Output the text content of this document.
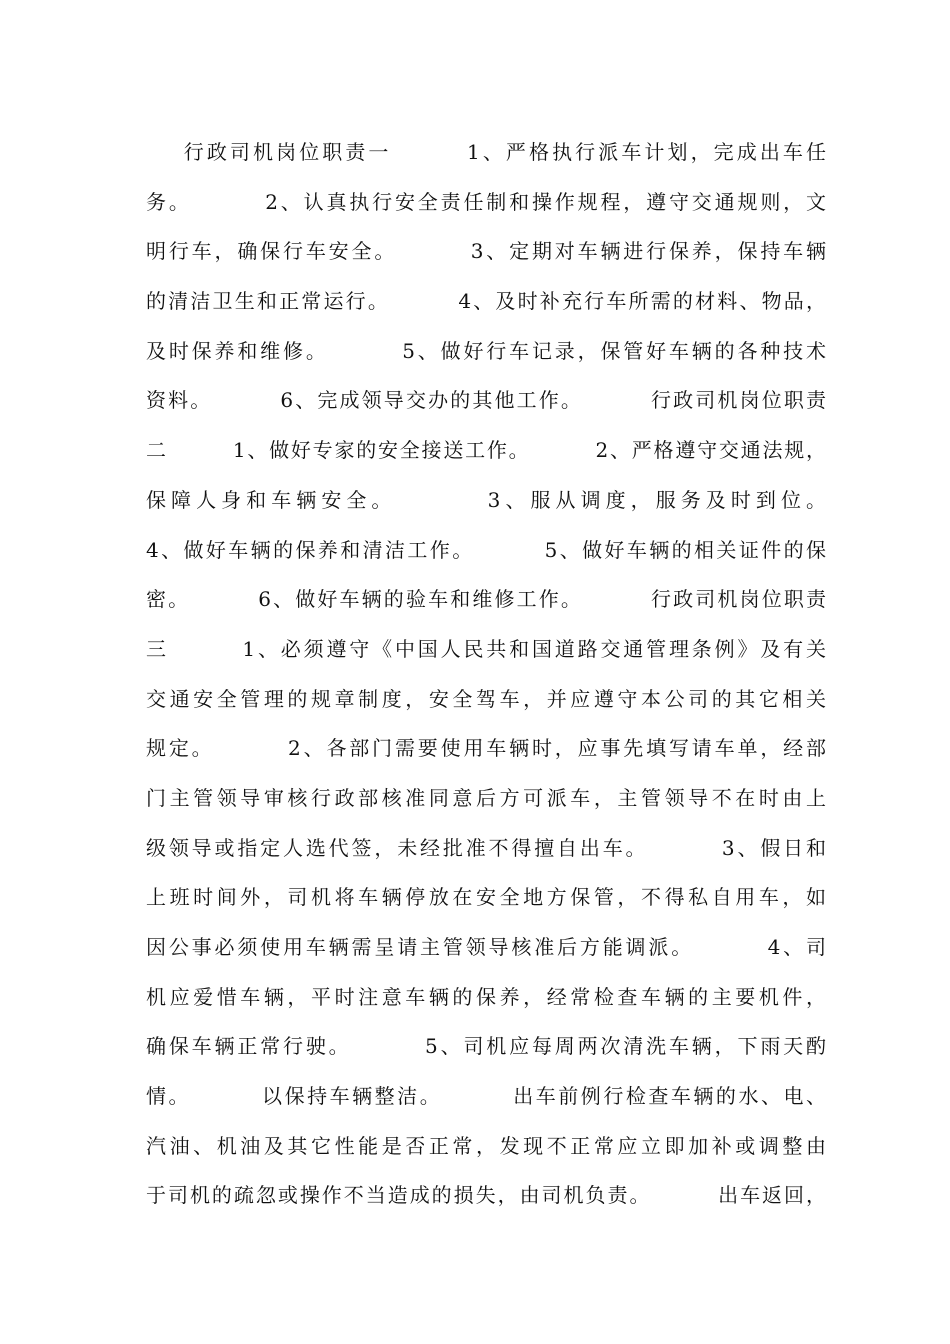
行政司机岗位职责一        1、严格执行派车计划，完成出车任
务。        2、认真执行安全责任制和操作规程，遵守交通规则，文
明行车，确保行车安全。        3、定期对车辆进行保养，保持车辆
的清洁卫生和正常运行。        4、及时补充行车所需的材料、物品，
及时保养和维修。        5、做好行车记录，保管好车辆的各种技术
资料。        6、完成领导交办的其他工作。        行政司机岗位职责
二        1、做好专家的安全接送工作。        2、严格遵守交通法规，
保障人身和车辆安全。        3、服从调度，服务及时到位。
4、做好车辆的保养和清洁工作。        5、做好车辆的相关证件的保
密。        6、做好车辆的验车和维修工作。        行政司机岗位职责
三        1、必须遵守《中国人民共和国道路交通管理条例》及有关
交通安全管理的规章制度，安全驾车，并应遵守本公司的其它相关
规定。        2、各部门需要使用车辆时，应事先填写请车单，经部
门主管领导审核行政部核准同意后方可派车，主管领导不在时由上
级领导或指定人选代签，未经批准不得擅自出车。        3、假日和
上班时间外，司机将车辆停放在安全地方保管，不得私自用车，如
因公事必须使用车辆需呈请主管领导核准后方能调派。        4、司
机应爱惜车辆，平时注意车辆的保养，经常检查车辆的主要机件，
确保车辆正常行驶。        5、司机应每周两次清洗车辆，下雨天酌
情。        以保持车辆整洁。        出车前例行检查车辆的水、电、
汽油、机油及其它性能是否正常，发现不正常应立即加补或调整由
于司机的疏忽或操作不当造成的损失，由司机负责。        出车返回，
